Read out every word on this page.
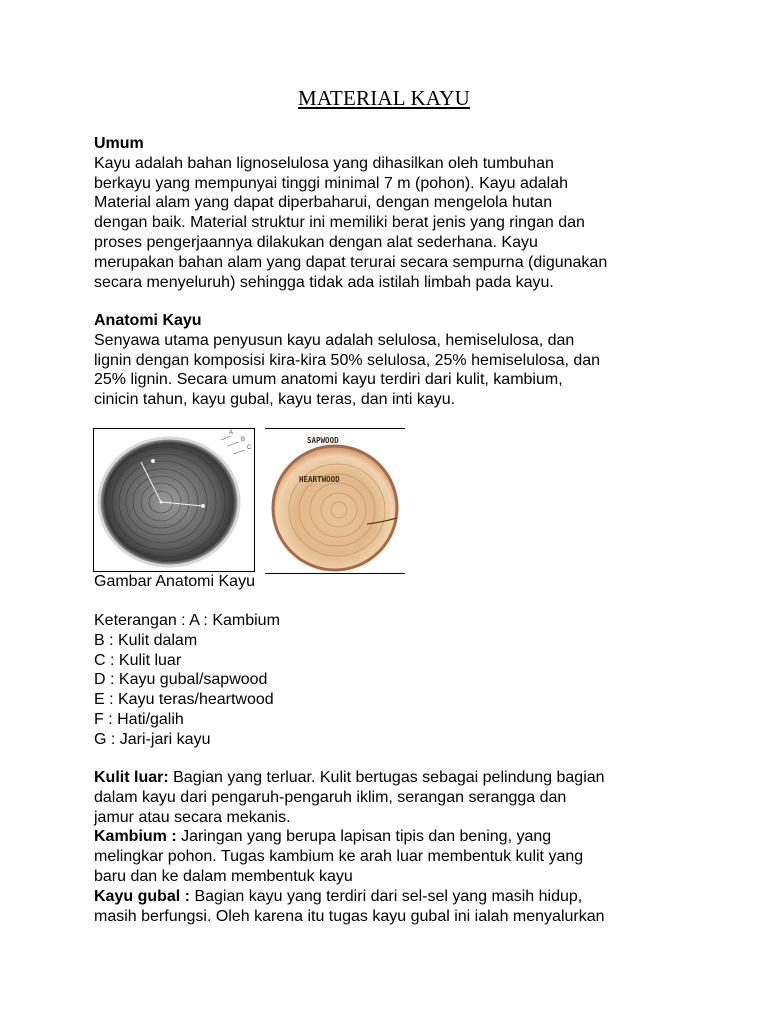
MATERIAL KAYU
Umum
Kayu adalah bahan lignoselulosa yang dihasilkan oleh tumbuhan
berkayu yang mempunyai tinggi minimal 7 m (pohon). Kayu adalah
Material alam yang dapat diperbaharui, dengan mengelola hutan
dengan baik. Material struktur ini memiliki berat jenis yang ringan dan
proses pengerjaannya dilakukan dengan alat sederhana. Kayu
merupakan bahan alam yang dapat terurai secara sempurna (digunakan
secara menyeluruh) sehingga tidak ada istilah limbah pada kayu.
Anatomi Kayu
Senyawa utama penyusun kayu adalah selulosa, hemiselulosa, dan
lignin dengan komposisi kira-kira 50% selulosa, 25% hemiselulosa, dan
25% lignin. Secara umum anatomi kayu terdiri dari kulit, kambium,
cinicin tahun, kayu gubal, kayu teras, dan inti kayu.
A
B
C
SAPWOOD
HEARTWOOD
Gambar Anatomi Kayu
Keterangan : A : Kambium
B : Kulit dalam
C : Kulit luar
D : Kayu gubal/sapwood
E : Kayu teras/heartwood
F : Hati/galih
G : Jari-jari kayu
Kulit luar: Bagian yang terluar. Kulit bertugas sebagai pelindung bagian
dalam kayu dari pengaruh-pengaruh iklim, serangan serangga dan
jamur atau secara mekanis.
Kambium : Jaringan yang berupa lapisan tipis dan bening, yang
melingkar pohon. Tugas kambium ke arah luar membentuk kulit yang
baru dan ke dalam membentuk kayu
Kayu gubal : Bagian kayu yang terdiri dari sel-sel yang masih hidup,
masih berfungsi. Oleh karena itu tugas kayu gubal ini ialah menyalurkan
